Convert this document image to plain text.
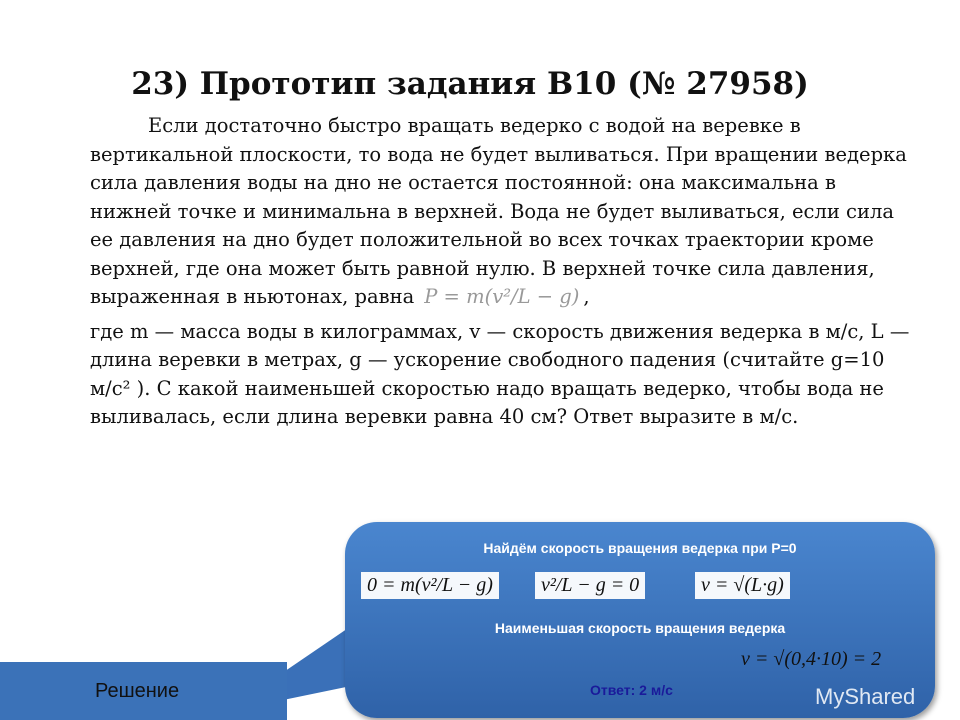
23) Прототип задания B10 (№ 27958)

Если достаточно быстро вращать ведерко с водой на веревке в вертикальной плоскости, то вода не будет выливаться. При вращении ведерка сила давления воды на дно не остается постоянной: она максимальна в нижней точке и минимальна в верхней. Вода не будет выливаться, если сила ее давления на дно будет положительной во всех точках траектории кроме верхней, где она может быть равной нулю. В верхней точке сила давления, выраженная в ньютонах, равна P = m(v²/L − g) ,

где m — масса воды в килограммах, v — скорость движения ведерка в м/с, L — длина веревки в метрах, g — ускорение свободного падения (считайте g=10 м/с² ). С какой наименьшей скоростью надо вращать ведерко, чтобы вода не выливалась, если длина веревки равна 40 см? Ответ выразите в м/с.

Найдём скорость вращения ведерка при P=0
0 = m(v²/L − g)	v²/L − g = 0	v = √(L·g)
Наименьшая скорость вращения ведерка
v = √(0,4·10) = 2
Ответ: 2 м/с	MyShared
Решение
